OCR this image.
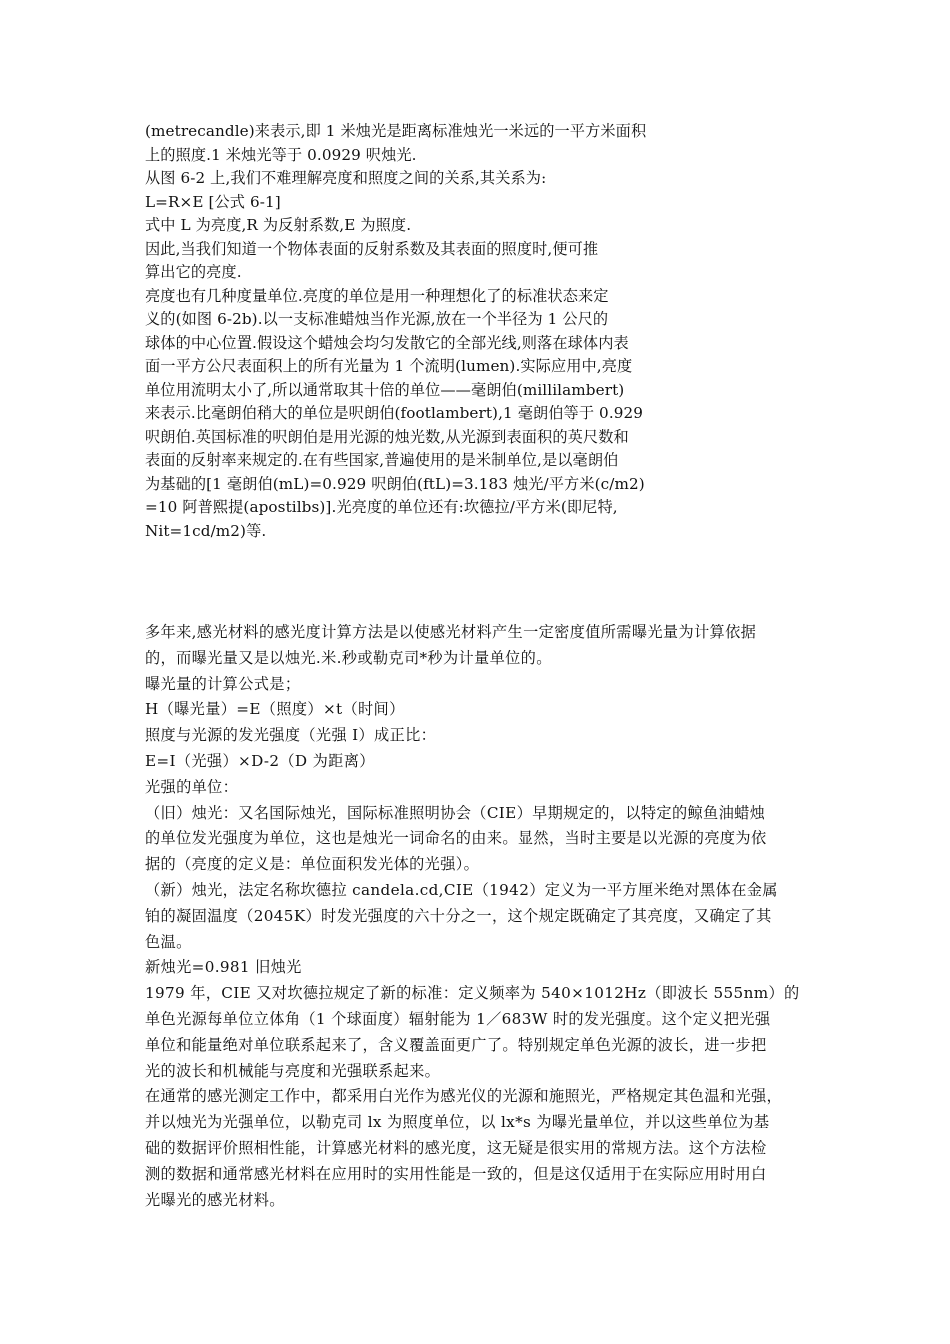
(metrecandle)来表示,即 1 米烛光是距离标准烛光一米远的一平方米面积
上的照度.1 米烛光等于 0.0929 呎烛光.
从图 6-2 上,我们不难理解亮度和照度之间的关系,其关系为:
L=R×E [公式 6-1]
式中 L 为亮度,R 为反射系数,E 为照度.
因此,当我们知道一个物体表面的反射系数及其表面的照度时,便可推
算出它的亮度.
亮度也有几种度量单位.亮度的单位是用一种理想化了的标准状态来定
义的(如图 6-2b).以一支标准蜡烛当作光源,放在一个半径为 1 公尺的
球体的中心位置.假设这个蜡烛会均匀发散它的全部光线,则落在球体内表
面一平方公尺表面积上的所有光量为 1 个流明(lumen).实际应用中,亮度
单位用流明太小了,所以通常取其十倍的单位——毫朗伯(millilambert)
来表示.比毫朗伯稍大的单位是呎朗伯(footlambert),1 毫朗伯等于 0.929
呎朗伯.英国标准的呎朗伯是用光源的烛光数,从光源到表面积的英尺数和
表面的反射率来规定的.在有些国家,普遍使用的是米制单位,是以毫朗伯
为基础的[1 毫朗伯(mL)=0.929 呎朗伯(ftL)=3.183 烛光/平方米(c/m2)
=10 阿普熙提(apostilbs)].光亮度的单位还有:坎德拉/平方米(即尼特,
Nit=1cd/m2)等.
多年来,感光材料的感光度计算方法是以使感光材料产生一定密度值所需曝光量为计算依据
的，而曝光量又是以烛光.米.秒或勒克司*秒为计量单位的。
曝光量的计算公式是；
H（曝光量）=E（照度）×t（时间）
照度与光源的发光强度（光强 I）成正比：
E=I（光强）×D-2（D 为距离）
光强的单位：
（旧）烛光：又名国际烛光，国际标准照明协会（CIE）早期规定的，以特定的鲸鱼油蜡烛
的单位发光强度为单位，这也是烛光一词命名的由来。显然，当时主要是以光源的亮度为依
据的（亮度的定义是：单位面积发光体的光强）。
（新）烛光，法定名称坎德拉 candela.cd,CIE（1942）定义为一平方厘米绝对黑体在金属
铂的凝固温度（2045K）时发光强度的六十分之一，这个规定既确定了其亮度，又确定了其
色温。
新烛光=0.981 旧烛光
1979 年，CIE 又对坎德拉规定了新的标准：定义频率为 540×1012Hz（即波长 555nm）的
单色光源每单位立体角（1 个球面度）辐射能为 1／683W 时的发光强度。这个定义把光强
单位和能量绝对单位联系起来了，含义覆盖面更广了。特别规定单色光源的波长，进一步把
光的波长和机械能与亮度和光强联系起来。
在通常的感光测定工作中，都采用白光作为感光仪的光源和施照光，严格规定其色温和光强，
并以烛光为光强单位，以勒克司 lx 为照度单位，以 lx*s 为曝光量单位，并以这些单位为基
础的数据评价照相性能，计算感光材料的感光度，这无疑是很实用的常规方法。这个方法检
测的数据和通常感光材料在应用时的实用性能是一致的，但是这仅适用于在实际应用时用白
光曝光的感光材料。
